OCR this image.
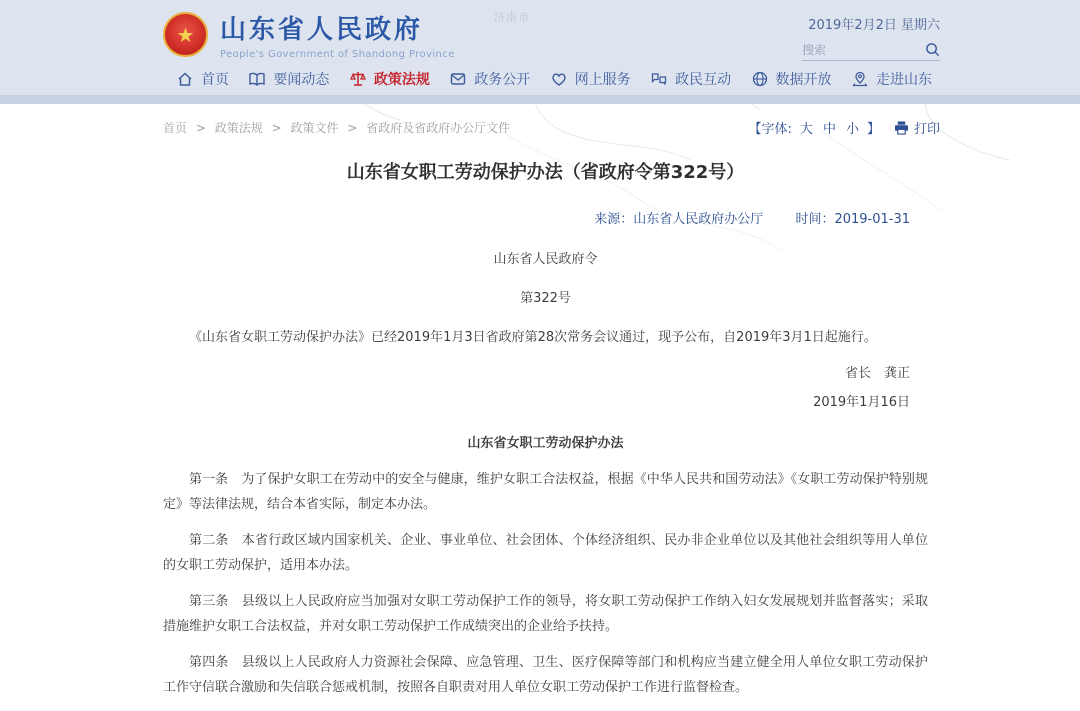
济南市
★ 山东省人民政府
People's Government of Shandong Province
2019年2月2日 星期六
搜索
首页	要闻动态	政策法规	政务公开	网上服务	政民互动	数据开放	走进山东
首页 > 政策法规 > 政策文件 > 省政府及省政府办公厅文件	【字体: 大 中 小 】	打印
山东省女职工劳动保护办法（省政府令第322号）
来源：山东省人民政府办公厅 时间：2019-01-31

山东省人民政府令

第322号

《山东省女职工劳动保护办法》已经2019年1月3日省政府第28次常务会议通过，现予公布，自2019年3月1日起施行。

省长　龚正

2019年1月16日

山东省女职工劳动保护办法

第一条　为了保护女职工在劳动中的安全与健康，维护女职工合法权益，根据《中华人民共和国劳动法》《女职工劳动保护特别规定》等法律法规，结合本省实际，制定本办法。

第二条　本省行政区域内国家机关、企业、事业单位、社会团体、个体经济组织、民办非企业单位以及其他社会组织等用人单位的女职工劳动保护，适用本办法。

第三条　县级以上人民政府应当加强对女职工劳动保护工作的领导，将女职工劳动保护工作纳入妇女发展规划并监督落实；采取措施维护女职工合法权益，并对女职工劳动保护工作成绩突出的企业给予扶持。

第四条　县级以上人民政府人力资源社会保障、应急管理、卫生、医疗保障等部门和机构应当建立健全用人单位女职工劳动保护工作守信联合激励和失信联合惩戒机制，按照各自职责对用人单位女职工劳动保护工作进行监督检查。
